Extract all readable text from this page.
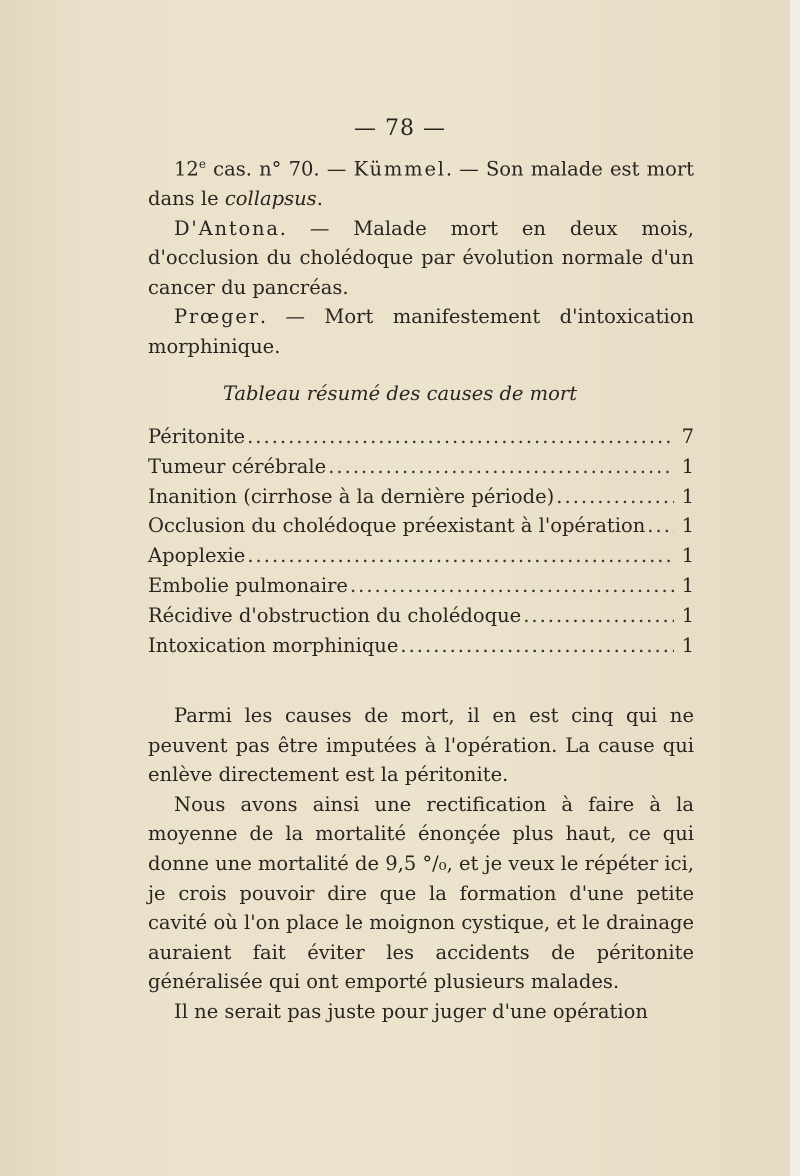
— 78 —

12e cas. n° 70. — Kümmel. — Son malade est mort dans le collapsus.

D'Antona. — Malade mort en deux mois, d'occlusion du cholédoque par évolution normale d'un cancer du pancréas.

Prœger. — Mort manifestement d'intoxication morphinique.

Tableau résumé des causes de mort
Péritonite .....	7
Tumeur cérébrale .....	1
Inanition (cirrhose à la dernière période) .....	1
Occlusion du cholédoque préexistant à l'opération ..... 1
Apoplexie .....	1
Embolie pulmonaire .....	1
Récidive d'obstruction du cholédoque .....	1
Intoxication morphinique .....	1

Parmi les causes de mort, il en est cinq qui ne peuvent pas être imputées à l'opération. La cause qui enlève directement est la péritonite.

Nous avons ainsi une rectification à faire à la moyenne de la mortalité énonçée plus haut, ce qui donne une mortalité de 9,5 °/₀, et je veux le répéter ici, je crois pouvoir dire que la formation d'une petite cavité où l'on place le moignon cystique, et le drainage auraient fait éviter les accidents de péritonite généralisée qui ont emporté plusieurs malades.

Il ne serait pas juste pour juger d'une opération
